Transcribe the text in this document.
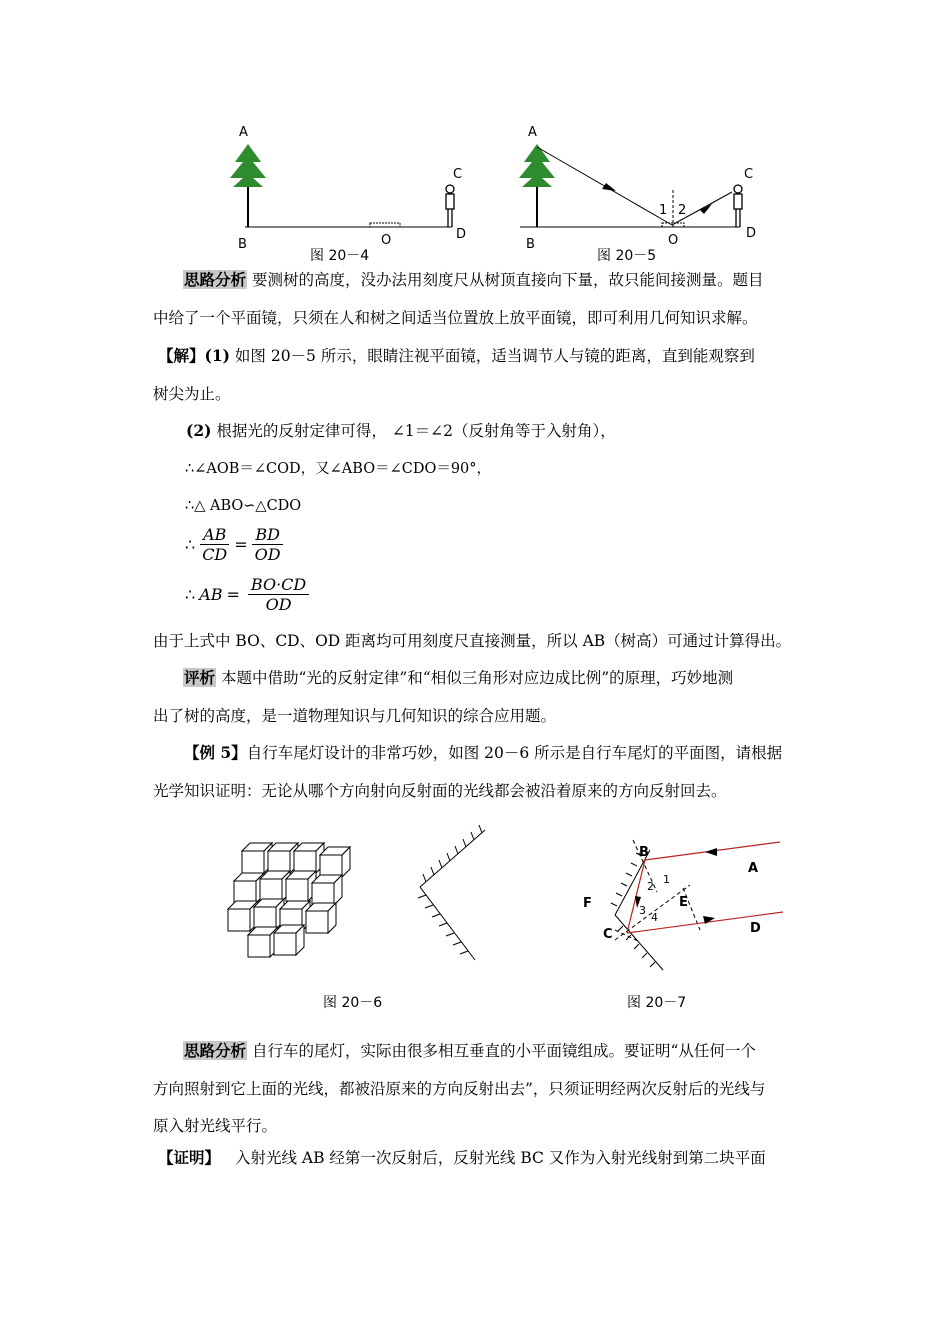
A
B
C
O	D
图 20－4
A
B
C
O	D
1 2
图 20－5
思路分析 要测树的高度，没办法用刻度尺从树顶直接向下量，故只能间接测量。题目
中给了一个平面镜，只须在人和树之间适当位置放上放平面镜，即可利用几何知识求解。
【解】(1) 如图 20－5 所示，眼睛注视平面镜，适当调节人与镜的距离，直到能观察到
树尖为止。
(2) 根据光的反射定律可得， ∠1＝∠2（反射角等于入射角），
∴∠AOB＝∠COD，又∠ABO＝∠CDO＝90°，
∴△ ABO∽△CDO
∴ $\frac{AB}{CD} = \frac{BD}{OD}$
∴ AB = $\frac{BO\cdot CD}{OD}$
由于上式中 BO、CD、OD 距离均可用刻度尺直接测量，所以 AB（树高）可通过计算得出。
评析 本题中借助“光的反射定律”和“相似三角形对应边成比例”的原理，巧妙地测
出了树的高度，是一道物理知识与几何知识的综合应用题。
【例 5】自行车尾灯设计的非常巧妙，如图 20－6 所示是自行车尾灯的平面图，请根据
光学知识证明：无论从哪个方向射向反射面的光线都会被沿着原来的方向反射回去。
图 20－6
A
B
C	D
E
F
1
2
3
4
图 20－7
思路分析 自行车的尾灯，实际由很多相互垂直的小平面镜组成。要证明“从任何一个
方向照射到它上面的光线，都被沿原来的方向反射出去”，只须证明经两次反射后的光线与
原入射光线平行。
【证明】 入射光线 AB 经第一次反射后，反射光线 BC 又作为入射光线射到第二块平面
